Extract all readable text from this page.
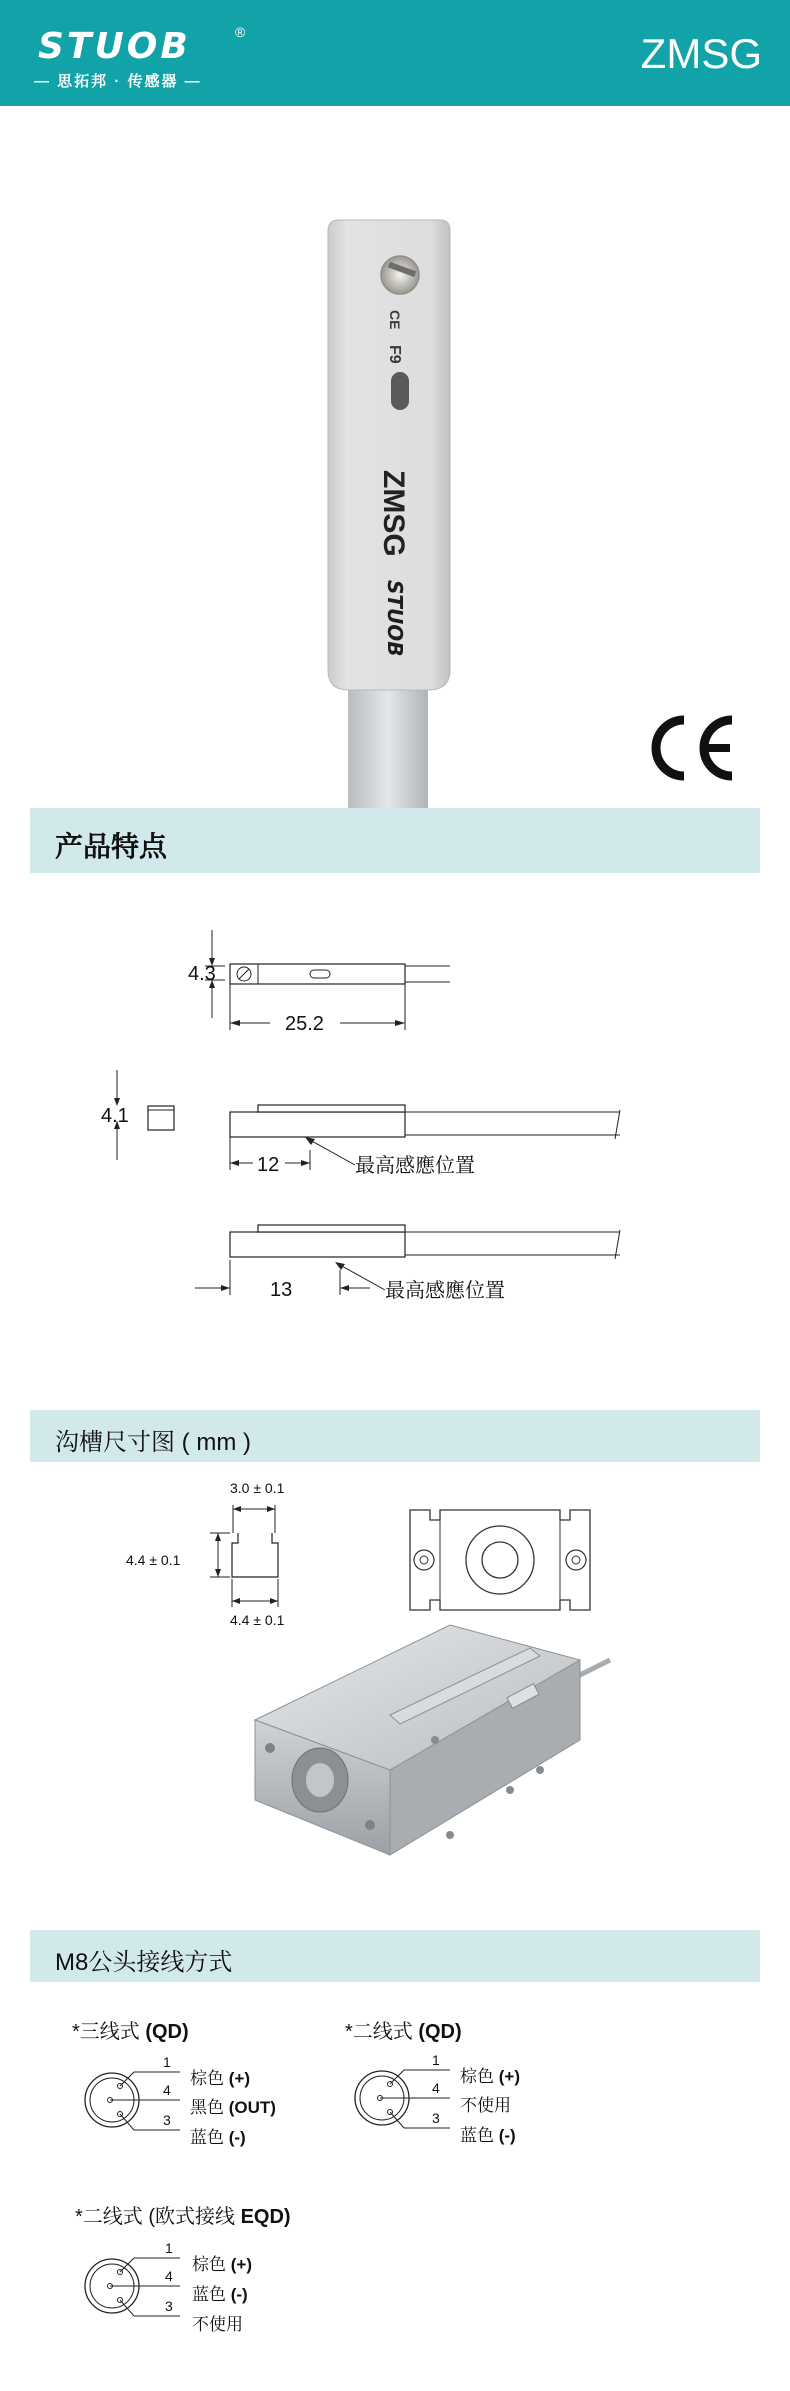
STUOB	®
— 思拓邦 · 传感器 —
ZMSG
F9
CE
ZMSG
STUOB
产品特点
4.3
25.2
4.1
12	最高感應位置
13	最高感應位置
沟槽尺寸图 ( mm )
3.0 ± 0.1
4.4 ± 0.1
4.4 ± 0.1
M8公头接线方式
*三线式 (QD)
1
4
3
棕色 (+)
黑色 (OUT)
蓝色 (-)
*二线式 (QD)
1
4
3
棕色 (+)
不使用
蓝色 (-)
*二线式 (欧式接线 EQD)
1
4
3
棕色 (+)
蓝色 (-)
不使用
